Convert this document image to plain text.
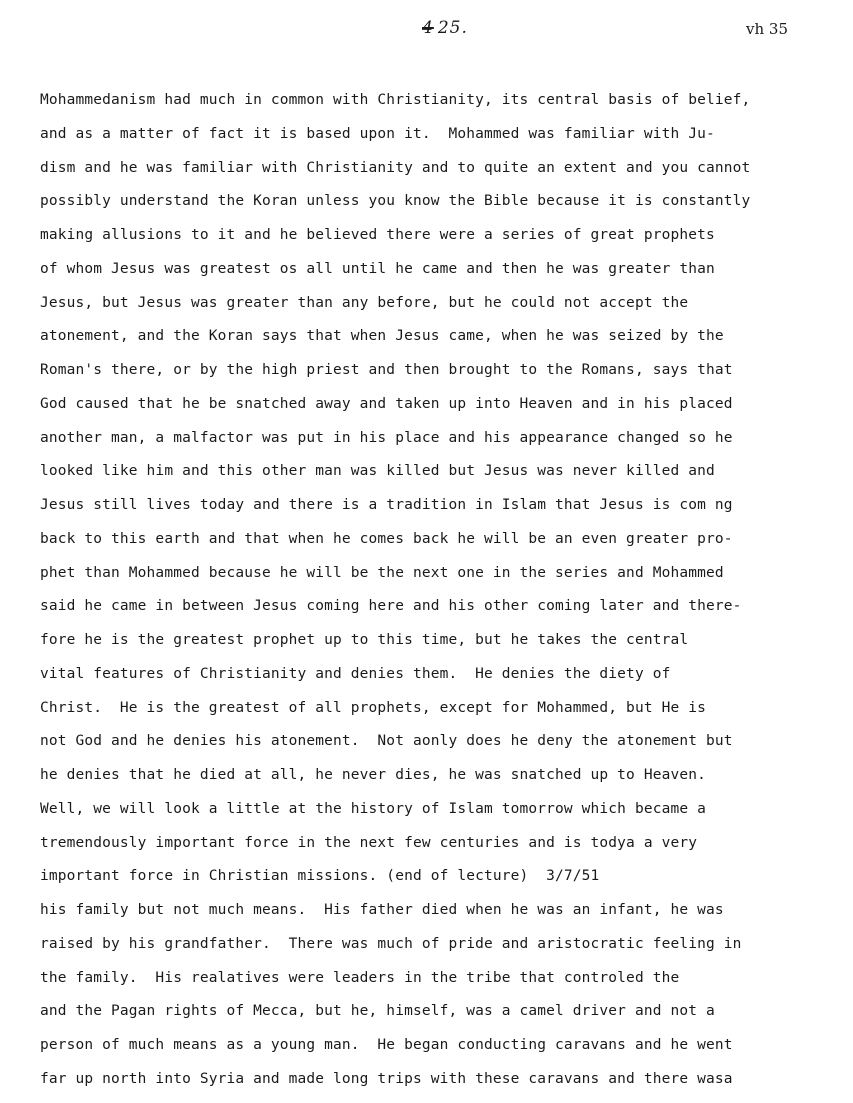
4 25.	vh 35
Mohammedanism had much in common with Christianity, its central basis of belief,
and as a matter of fact it is based upon it.  Mohammed was familiar with Ju-
dism and he was familiar with Christianity and to quite an extent and you cannot
possibly understand the Koran unless you know the Bible because it is constantly
making allusions to it and he believed there were a series of great prophets
of whom Jesus was greatest os all until he came and then he was greater than
Jesus, but Jesus was greater than any before, but he could not accept the
atonement, and the Koran says that when Jesus came, when he was seized by the
Roman's there, or by the high priest and then brought to the Romans, says that
God caused that he be snatched away and taken up into Heaven and in his placed
another man, a malfactor was put in his place and his appearance changed so he
looked like him and this other man was killed but Jesus was never killed and
Jesus still lives today and there is a tradition in Islam that Jesus is com ng
back to this earth and that when he comes back he will be an even greater pro-
phet than Mohammed because he will be the next one in the series and Mohammed
said he came in between Jesus coming here and his other coming later and there-
fore he is the greatest prophet up to this time, but he takes the central
vital features of Christianity and denies them.  He denies the diety of
Christ.  He is the greatest of all prophets, except for Mohammed, but He is
not God and he denies his atonement.  Not aonly does he deny the atonement but
he denies that he died at all, he never dies, he was snatched up to Heaven.
Well, we will look a little at the history of Islam tomorrow which became a
tremendously important force in the next few centuries and is todya a very
important force in Christian missions. (end of lecture)  3/7/51
his family but not much means.  His father died when he was an infant, he was
raised by his grandfather.  There was much of pride and aristocratic feeling in
the family.  His realatives were leaders in the tribe that controled the
and the Pagan rights of Mecca, but he, himself, was a camel driver and not a
person of much means as a young man.  He began conducting caravans and he went
far up north into Syria and made long trips with these caravans and there wasa
